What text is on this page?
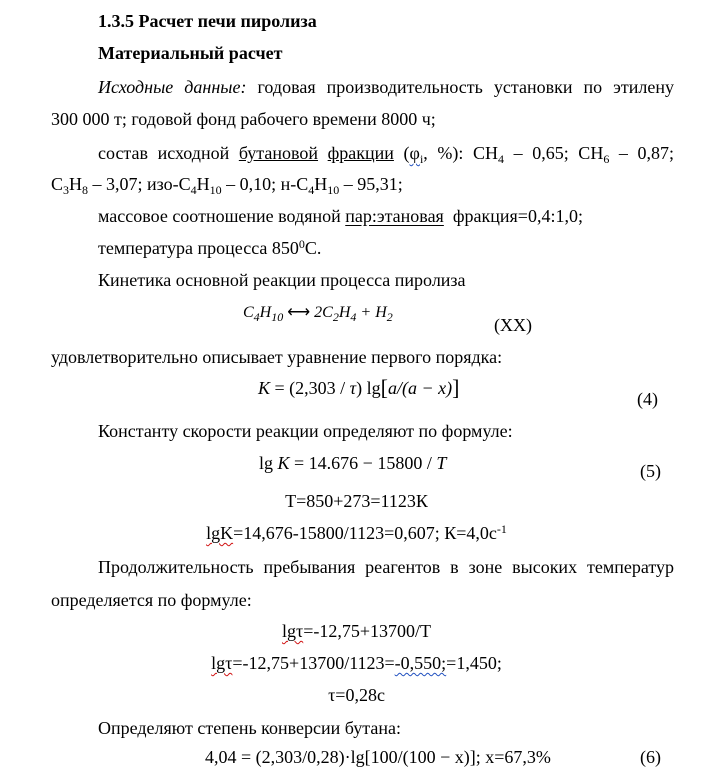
1.3.5 Расчет печи пиролиза
Материальный расчет
Исходные данные: годовая производительность установки по этилену
300 000 т; годовой фонд рабочего времени 8000 ч;
состав исходной бутановой фракции ($\varphi_i$, %): $СН_4 - 0,65$; $СН_6 - 0,87$;
$С_3Н_8 - 3,07$; изо-$С_4Н_{10} - 0,10$; $н-С_4Н_{10} - 95,31$;
массовое соотношение водяной пар:этановая фракция=0,4:1,0;
температура процесса $850^0С$.
Кинетика основной реакции процесса пиролиза
$C_4H_{10}$ ⟷ $2C_2H_4 + H_2$	(XX)
удовлетворительно описывает уравнение первого порядка:
K = (2,303 / τ) lg[a/(a − x)]	(4)
Константу скорости реакции определяют по формуле:
lg K = 14.676 − 15800 / T	(5)
Т=850+273=1123К
lgK=14,676-15800/1123=0,607; $К=4,0с^{-1}$
Продолжительность пребывания реагентов в зоне высоких температур
определяется по формуле:
lgτ=-12,75+13700/Т
lgτ=-12,75+13700/1123=-0,550;=1,450;
τ=0,28с
Определяют степень конверсии бутана:
4,04 = (2,303/0,28)·lg[100/(100 − x)]; x=67,3%	(6)
